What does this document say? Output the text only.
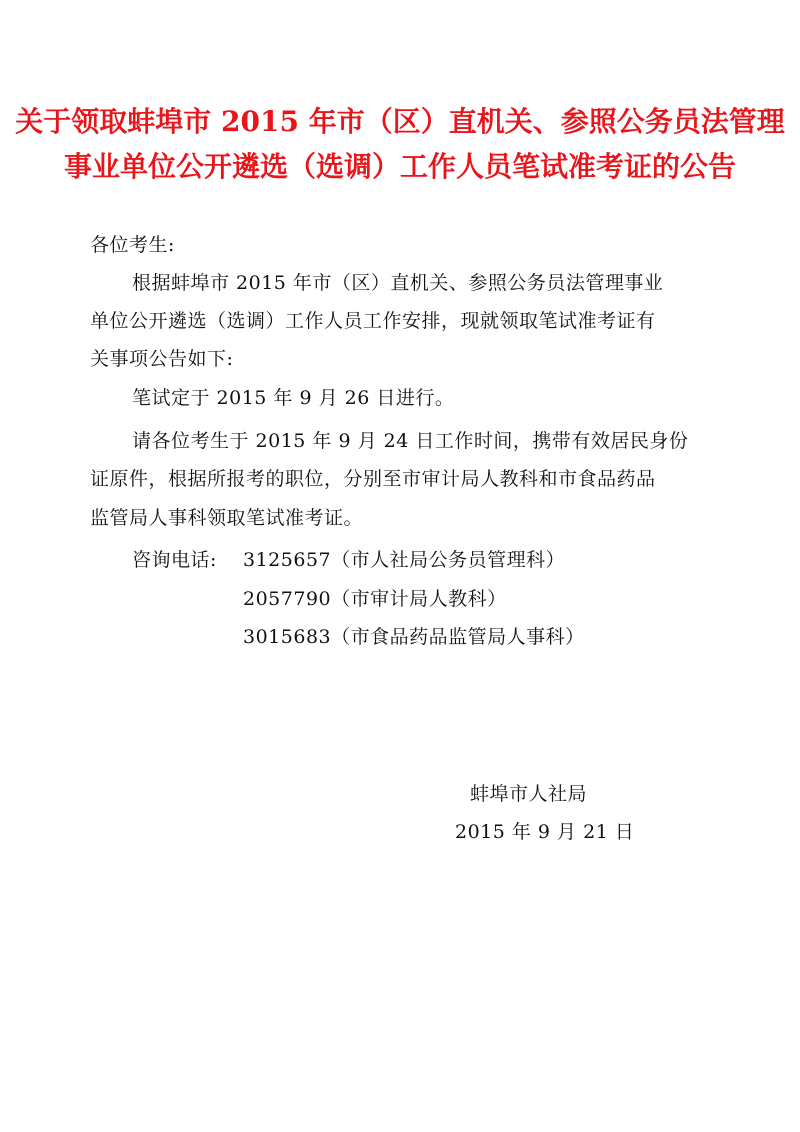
关于领取蚌埠市 2015 年市（区）直机关、参照公务员法管理
事业单位公开遴选（选调）工作人员笔试准考证的公告
各位考生:
根据蚌埠市 2015 年市（区）直机关、参照公务员法管理事业
单位公开遴选（选调）工作人员工作安排，现就领取笔试准考证有
关事项公告如下:
笔试定于 2015 年 9 月 26 日进行。
请各位考生于 2015 年 9 月 24 日工作时间，携带有效居民身份
证原件，根据所报考的职位，分别至市审计局人教科和市食品药品
监管局人事科领取笔试准考证。
咨询电话: 3125657（市人社局公务员管理科）
2057790（市审计局人教科）
3015683（市食品药品监管局人事科）
蚌埠市人社局
2015 年 9 月 21 日
